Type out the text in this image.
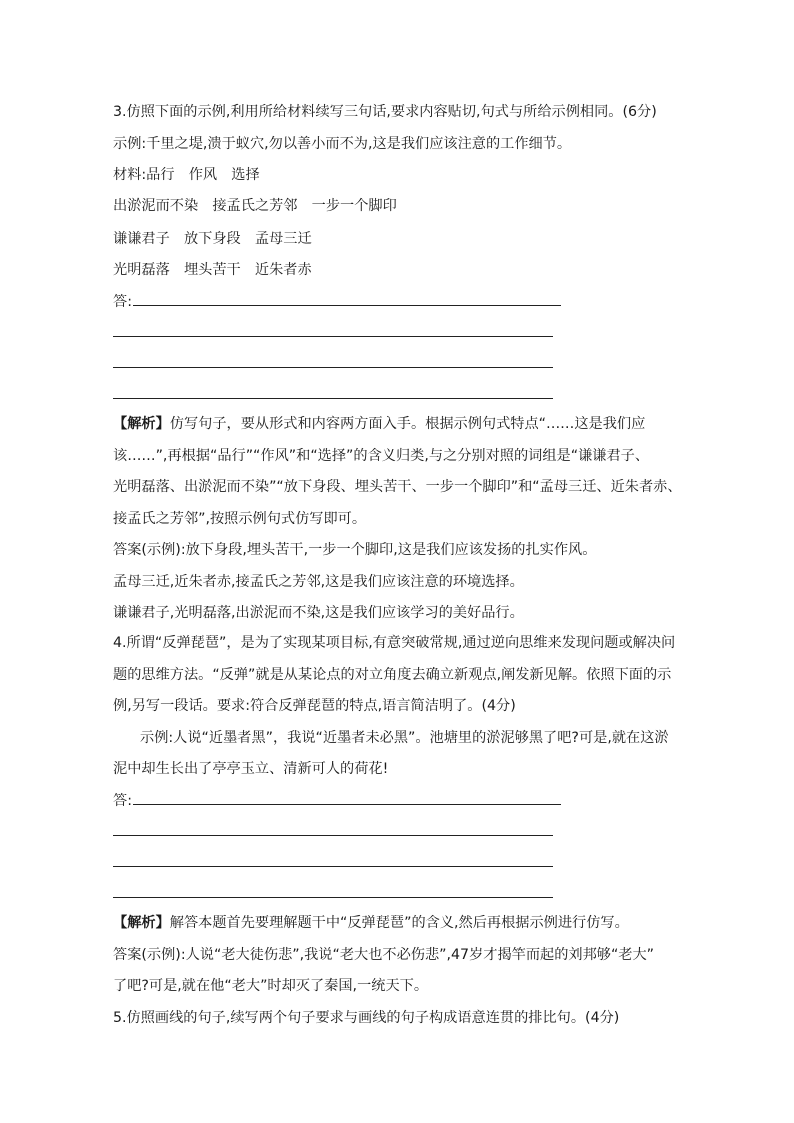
3.仿照下面的示例,利用所给材料续写三句话,要求内容贴切,句式与所给示例相同。(6分)
示例:千里之堤,溃于蚁穴,勿以善小而不为,这是我们应该注意的工作细节。
材料:品行　作风　选择
出淤泥而不染　接孟氏之芳邻　一步一个脚印
谦谦君子　放下身段　孟母三迁
光明磊落　埋头苦干　近朱者赤
答:
【解析】仿写句子，要从形式和内容两方面入手。根据示例句式特点“……这是我们应
该……”,再根据“品行”“作风”和“选择”的含义归类,与之分别对照的词组是“谦谦君子、
光明磊落、出淤泥而不染”“放下身段、埋头苦干、一步一个脚印”和“孟母三迁、近朱者赤、
接孟氏之芳邻”,按照示例句式仿写即可。
答案(示例):放下身段,埋头苦干,一步一个脚印,这是我们应该发扬的扎实作风。
孟母三迁,近朱者赤,接孟氏之芳邻,这是我们应该注意的环境选择。
谦谦君子,光明磊落,出淤泥而不染,这是我们应该学习的美好品行。
4.所谓“反弹琵琶”，是为了实现某项目标,有意突破常规,通过逆向思维来发现问题或解决问
题的思维方法。“反弹”就是从某论点的对立角度去确立新观点,阐发新见解。依照下面的示
例,另写一段话。要求:符合反弹琵琶的特点,语言简洁明了。(4分)
示例:人说“近墨者黑”，我说“近墨者未必黑”。池塘里的淤泥够黑了吧?可是,就在这淤
泥中却生长出了亭亭玉立、清新可人的荷花!
答:
【解析】解答本题首先要理解题干中“反弹琵琶”的含义,然后再根据示例进行仿写。
答案(示例):人说“老大徒伤悲”,我说“老大也不必伤悲”,47岁才揭竿而起的刘邦够“老大”
了吧?可是,就在他“老大”时却灭了秦国,一统天下。
5.仿照画线的句子,续写两个句子要求与画线的句子构成语意连贯的排比句。(4分)
